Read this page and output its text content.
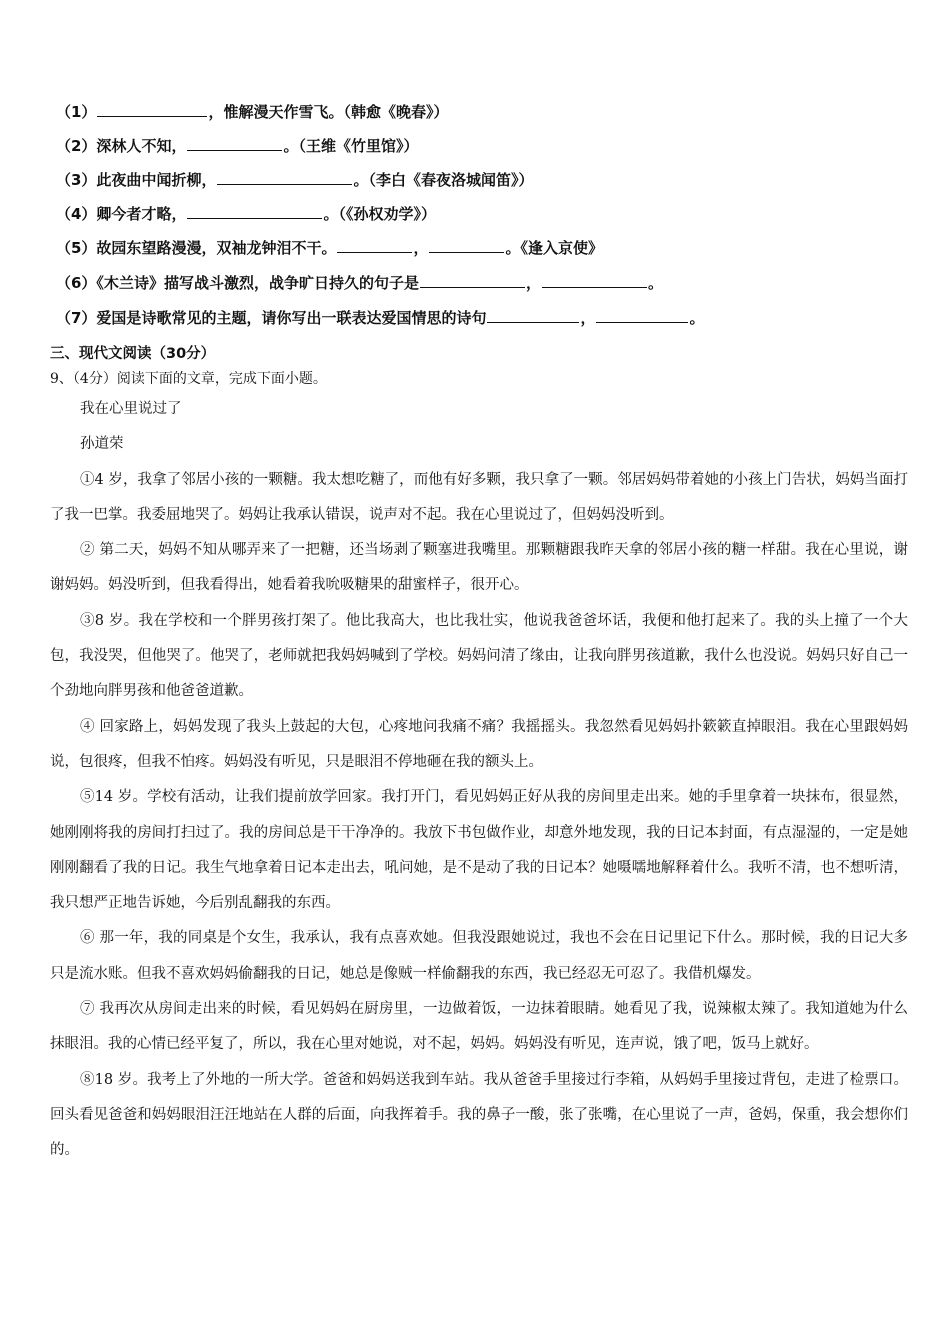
（1）	，惟解漫天作雪飞。（韩愈《晚春》）
（2）深林人不知，	。（王维《竹里馆》）
（3）此夜曲中闻折柳，	。（李白《春夜洛城闻笛》）
（4）卿今者才略，	。（《孙权劝学》）
（5）故园东望路漫漫，双袖龙钟泪不干。	，	。《逢入京使》
（6）《木兰诗》描写战斗激烈，战争旷日持久的句子是	，	。
（7）爱国是诗歌常见的主题，请你写出一联表达爱国情思的诗句	，	。
三、现代文阅读（30分）
9、（4分）阅读下面的文章，完成下面小题。

我在心里说过了

孙道荣

①4 岁，我拿了邻居小孩的一颗糖。我太想吃糖了，而他有好多颗，我只拿了一颗。邻居妈妈带着她的小孩上门告状，妈妈当面打了我一巴掌。我委屈地哭了。妈妈让我承认错误，说声对不起。我在心里说过了，但妈妈没听到。

② 第二天，妈妈不知从哪弄来了一把糖，还当场剥了颗塞进我嘴里。那颗糖跟我昨天拿的邻居小孩的糖一样甜。我在心里说，谢谢妈妈。妈没听到，但我看得出，她看着我吮吸糖果的甜蜜样子，很开心。

③8 岁。我在学校和一个胖男孩打架了。他比我高大，也比我壮实，他说我爸爸坏话，我便和他打起来了。我的头上撞了一个大包，我没哭，但他哭了。他哭了，老师就把我妈妈喊到了学校。妈妈问清了缘由，让我向胖男孩道歉，我什么也没说。妈妈只好自己一个劲地向胖男孩和他爸爸道歉。

④ 回家路上，妈妈发现了我头上鼓起的大包，心疼地问我痛不痛？我摇摇头。我忽然看见妈妈扑簌簌直掉眼泪。我在心里跟妈妈说，包很疼，但我不怕疼。妈妈没有听见，只是眼泪不停地砸在我的额头上。

⑤14 岁。学校有活动，让我们提前放学回家。我打开门，看见妈妈正好从我的房间里走出来。她的手里拿着一块抹布，很显然，她刚刚将我的房间打扫过了。我的房间总是干干净净的。我放下书包做作业，却意外地发现，我的日记本封面，有点湿湿的，一定是她刚刚翻看了我的日记。我生气地拿着日记本走出去，吼问她，是不是动了我的日记本？她嗫嚅地解释着什么。我听不清，也不想听清，我只想严正地告诉她，今后别乱翻我的东西。

⑥ 那一年，我的同桌是个女生，我承认，我有点喜欢她。但我没跟她说过，我也不会在日记里记下什么。那时候，我的日记大多只是流水账。但我不喜欢妈妈偷翻我的日记，她总是像贼一样偷翻我的东西，我已经忍无可忍了。我借机爆发。

⑦ 我再次从房间走出来的时候，看见妈妈在厨房里，一边做着饭，一边抹着眼睛。她看见了我，说辣椒太辣了。我知道她为什么抹眼泪。我的心情已经平复了，所以，我在心里对她说，对不起，妈妈。妈妈没有听见，连声说，饿了吧，饭马上就好。

⑧18 岁。我考上了外地的一所大学。爸爸和妈妈送我到车站。我从爸爸手里接过行李箱，从妈妈手里接过背包，走进了检票口。回头看见爸爸和妈妈眼泪汪汪地站在人群的后面，向我挥着手。我的鼻子一酸，张了张嘴，在心里说了一声，爸妈，保重，我会想你们的。
